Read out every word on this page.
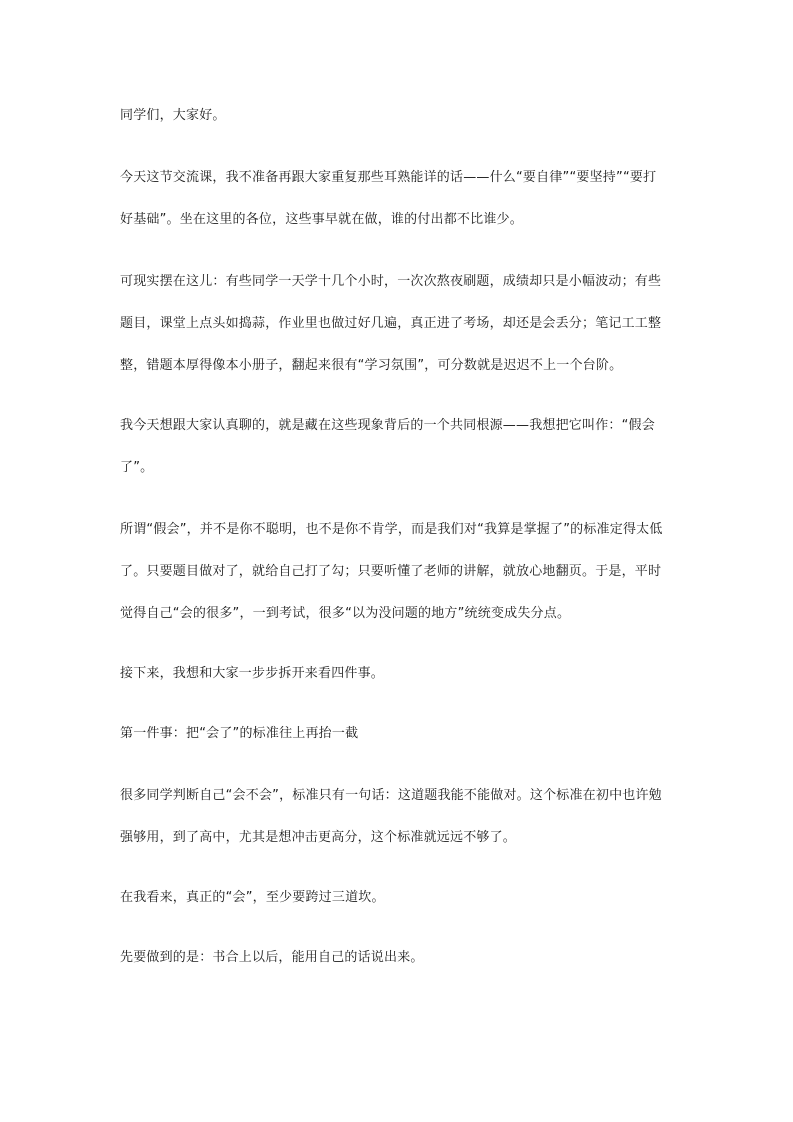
同学们，大家好。
今天这节交流课，我不准备再跟大家重复那些耳熟能详的话——什么“要自律”“要坚持”“要打
好基础”。坐在这里的各位，这些事早就在做，谁的付出都不比谁少。
可现实摆在这儿：有些同学一天学十几个小时，一次次熬夜刷题，成绩却只是小幅波动；有些
题目，课堂上点头如捣蒜，作业里也做过好几遍，真正进了考场，却还是会丢分；笔记工工整
整，错题本厚得像本小册子，翻起来很有“学习氛围”，可分数就是迟迟不上一个台阶。
我今天想跟大家认真聊的，就是藏在这些现象背后的一个共同根源——我想把它叫作：“假会
了”。
所谓“假会”，并不是你不聪明，也不是你不肯学，而是我们对“我算是掌握了”的标准定得太低
了。只要题目做对了，就给自己打了勾；只要听懂了老师的讲解，就放心地翻页。于是，平时
觉得自己“会的很多”，一到考试，很多“以为没问题的地方”统统变成失分点。
接下来，我想和大家一步步拆开来看四件事。
第一件事：把“会了”的标准往上再抬一截
很多同学判断自己“会不会”，标准只有一句话：这道题我能不能做对。这个标准在初中也许勉
强够用，到了高中，尤其是想冲击更高分，这个标准就远远不够了。
在我看来，真正的“会”，至少要跨过三道坎。
先要做到的是：书合上以后，能用自己的话说出来。
